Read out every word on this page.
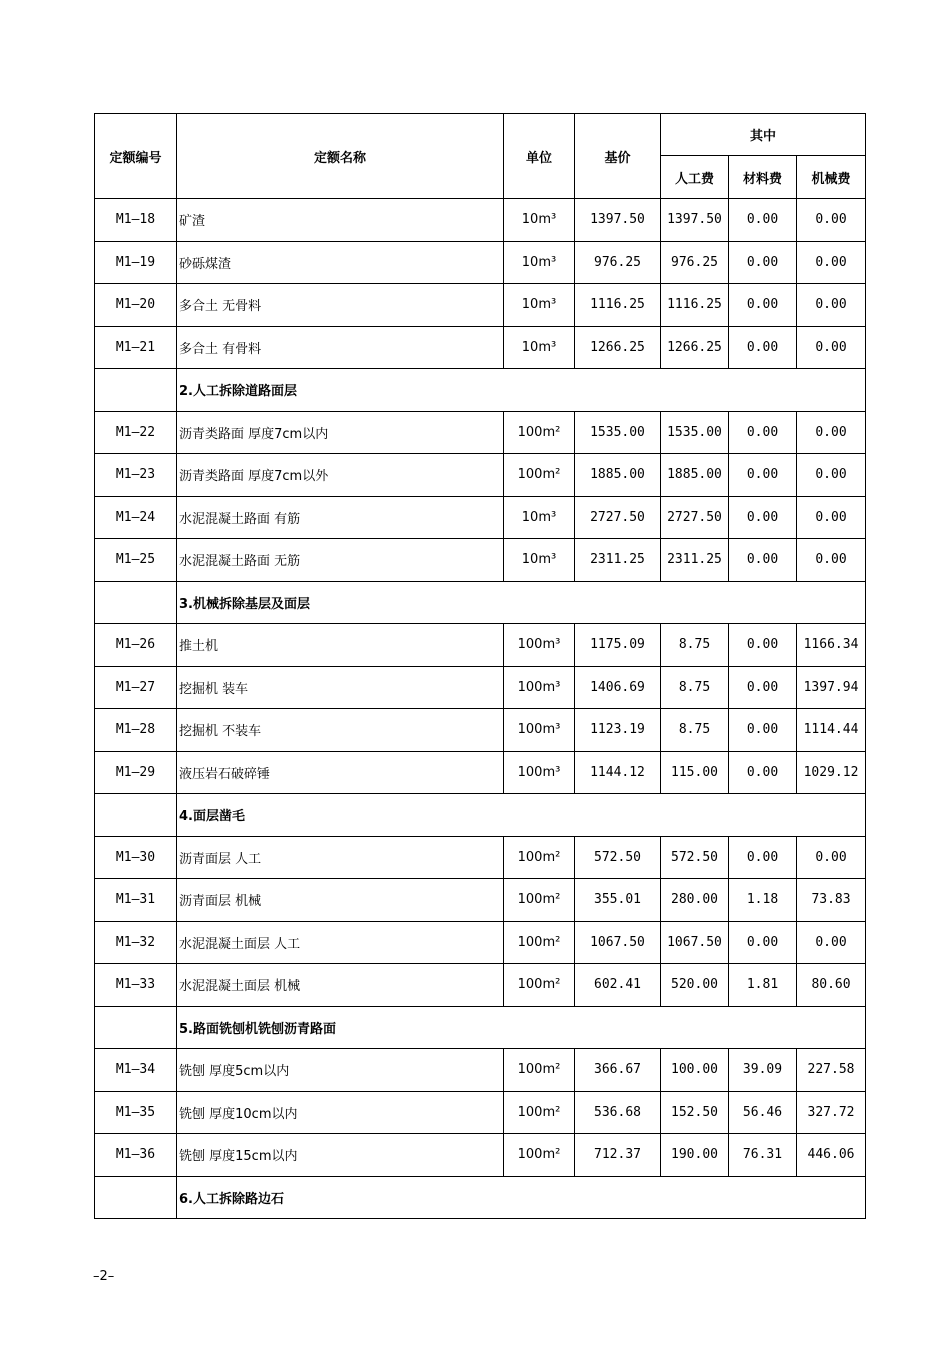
定额编号	定额名称	单位	基价	其中		
				人工费	材料费	机械费
M1–18	矿渣	10m³	1397.50	1397.50	0.00	0.00
M1–19	砂砾煤渣	10m³	976.25	976.25	0.00	0.00
M1–20	多合土 无骨料	10m³	1116.25	1116.25	0.00	0.00
M1–21	多合土 有骨料	10m³	1266.25	1266.25	0.00	0.00
	2.人工拆除道路面层					
M1–22	沥青类路面 厚度7cm以内	100m²	1535.00	1535.00	0.00	0.00
M1–23	沥青类路面 厚度7cm以外	100m²	1885.00	1885.00	0.00	0.00
M1–24	水泥混凝土路面 有筋	10m³	2727.50	2727.50	0.00	0.00
M1–25	水泥混凝土路面 无筋	10m³	2311.25	2311.25	0.00	0.00
	3.机械拆除基层及面层					
M1–26	推土机	100m³	1175.09	8.75	0.00	1166.34
M1–27	挖掘机 装车	100m³	1406.69	8.75	0.00	1397.94
M1–28	挖掘机 不装车	100m³	1123.19	8.75	0.00	1114.44
M1–29	液压岩石破碎锤	100m³	1144.12	115.00	0.00	1029.12
	4.面层凿毛					
M1–30	沥青面层 人工	100m²	572.50	572.50	0.00	0.00
M1–31	沥青面层 机械	100m²	355.01	280.00	1.18	73.83
M1–32	水泥混凝土面层 人工	100m²	1067.50	1067.50	0.00	0.00
M1–33	水泥混凝土面层 机械	100m²	602.41	520.00	1.81	80.60
	5.路面铣刨机铣刨沥青路面					
M1–34	铣刨 厚度5cm以内	100m²	366.67	100.00	39.09	227.58
M1–35	铣刨 厚度10cm以内	100m²	536.68	152.50	56.46	327.72
M1–36	铣刨 厚度15cm以内	100m²	712.37	190.00	76.31	446.06
	6.人工拆除路边石					
–2–
